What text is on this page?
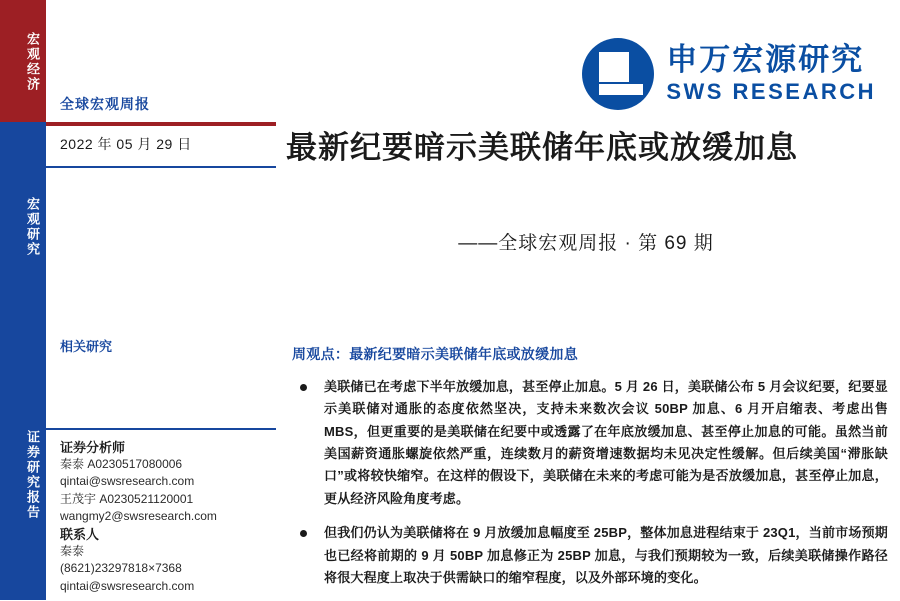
宏观经济
宏观研究
证券研究报告
全球宏观周报
2022 年 05 月 29 日
相关研究
证券分析师
秦泰 A0230517080006
qintai@swsresearch.com
王茂宇 A0230521120001
wangmy2@swsresearch.com
联系人
秦泰
(8621)23297818×7368
qintai@swsresearch.com
申万宏源研究
SWS RESEARCH
最新纪要暗示美联储年底或放缓加息
——全球宏观周报 · 第 69 期
周观点：最新纪要暗示美联储年底或放缓加息
美联储已在考虑下半年放缓加息，甚至停止加息。5 月 26 日，美联储公布 5 月会议纪要，纪要显示美联储对通胀的态度依然坚决，支持未来数次会议 50BP 加息、6 月开启缩表、考虑出售 MBS，但更重要的是美联储在纪要中或透露了在年底放缓加息、甚至停止加息的可能。虽然当前美国薪资通胀螺旋依然严重，连续数月的薪资增速数据均未见决定性缓解。但后续美国“滞胀缺口”或将较快缩窄。在这样的假设下，美联储在未来的考虑可能为是否放缓加息，甚至停止加息，更从经济风险角度考虑。
但我们仍认为美联储将在 9 月放缓加息幅度至 25BP，整体加息进程结束于 23Q1，当前市场预期也已经将前期的 9 月 50BP 加息修正为 25BP 加息，与我们预期较为一致，后续美联储操作路径将很大程度上取决于供需缺口的缩窄程度，以及外部环境的变化。
